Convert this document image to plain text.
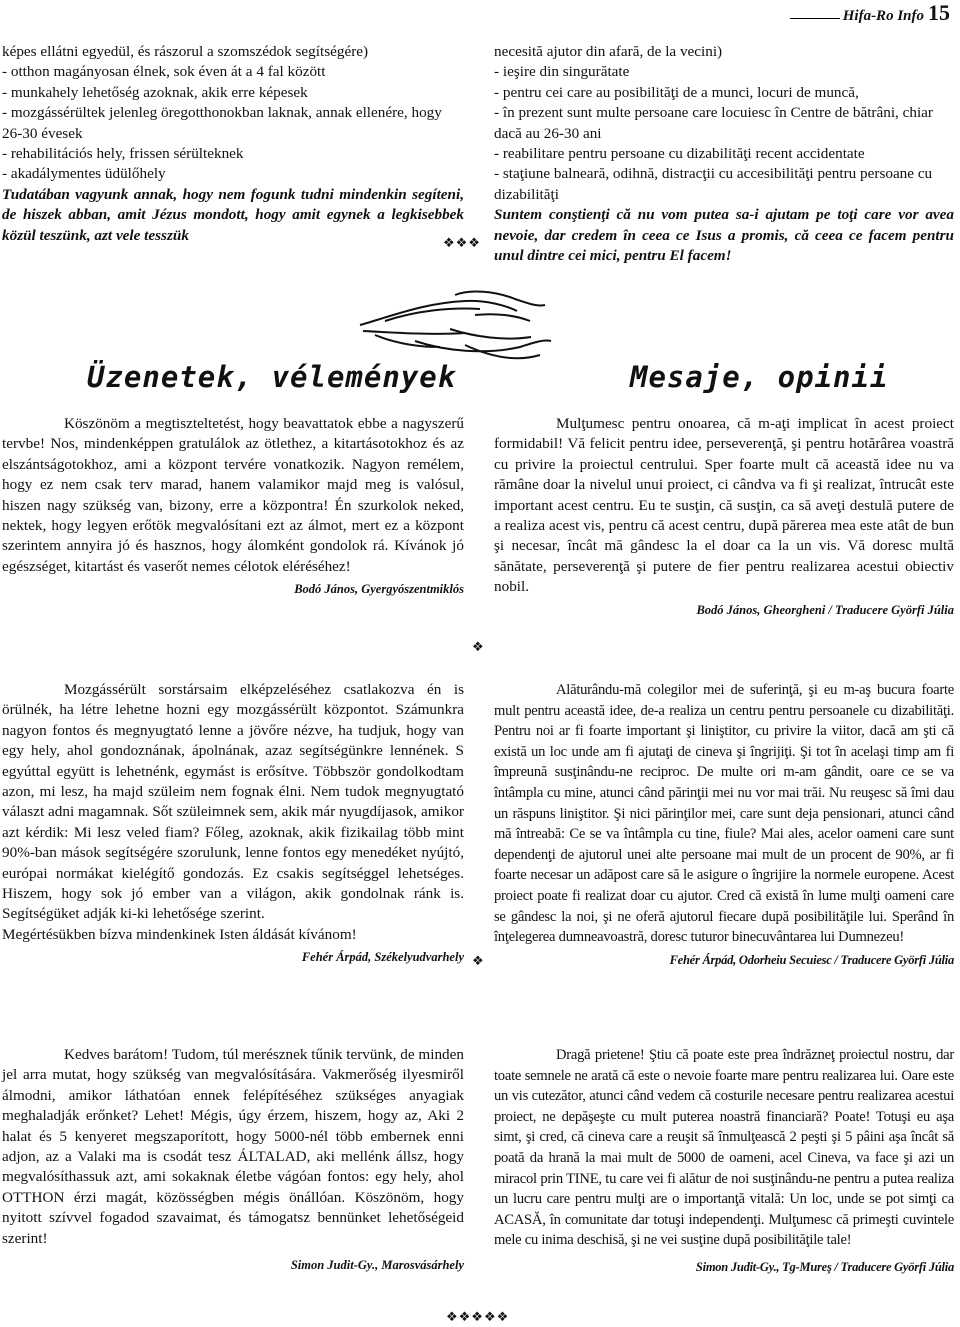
Hifa-Ro Info 15

képes ellátni egyedül, és rászorul a szomszédok segítségére)

- otthon magányosan élnek, sok éven át a 4 fal között

- munkahely lehetőség azoknak, akik erre képesek

- mozgássérültek jelenleg öregotthonokban laknak, annak ellenére, hogy 26-30 évesek

- rehabilitációs hely, frissen sérülteknek

- akadálymentes üdülőhely

Tudatában vagyunk annak, hogy nem fogunk tudni mindenkin segíteni, de hiszek abban, amit Jézus mondott, hogy amit egynek a legkisebbek közül teszünk, azt vele tesszük

necesită ajutor din afară, de la vecini)

- ieşire din singurătate

- pentru cei care au posibilităţi de a munci, locuri de muncă,

- în prezent sunt multe persoane care locuiesc în Centre de bătrâni, chiar dacă au 26-30 ani

- reabilitare pentru persoane cu dizabilităţi recent accidentate

- staţiune balneară, odihnă, distracţii cu accesibilităţi pentru persoane cu dizabilităţi

Suntem conştienţi că nu vom putea sa-i ajutam pe toţi care vor avea nevoie, dar credem în ceea ce Isus a promis, că ceea ce facem pentru unul dintre cei mici, pentru El facem!

❖❖❖
Üzenetek, vélemények	Mesaje, opinii

Köszönöm a megtiszteltetést, hogy beavattatok ebbe a nagyszerű tervbe! Nos, mindenképpen gratulálok az ötlethez, a kitartásotokhoz és az elszántságotokhoz, ami a központ tervére vonatkozik. Nagyon remélem, hogy ez nem csak terv marad, hanem valamikor majd meg is valósul, hiszen nagy szükség van, bizony, erre a központra! Én szurkolok neked, nektek, hogy legyen erőtök megvalósítani ezt az álmot, mert ez a központ szerintem annyira jó és hasznos, hogy álomként gondolok rá. Kívánok jó egészséget, kitartást és vaserőt nemes célotok eléréséhez!

Bodó János, Gyergyószentmiklós

Mulţumesc pentru onoarea, că m-aţi implicat în acest proiect formidabil! Vă felicit pentru idee, perseverenţă, şi pentru hotărârea voastră cu privire la proiectul centrului. Sper foarte mult că această idee nu va rămâne doar la nivelul unui proiect, ci cândva va fi şi realizat, întrucât este important acest centru. Eu te susţin, că susţin, ca să aveţi destulă putere de a realiza acest vis, pentru că acest centru, după părerea mea este atât de bun şi necesar, încât mă gândesc la el doar ca la un vis. Vă doresc multă sănătate, perseverenţă şi putere de fier pentru realizarea acestui obiectiv nobil.

Bodó János, Gheorgheni / Traducere Györfi Júlia

❖

Mozgássérült sorstársaim elképzeléséhez csatlakozva én is örülnék, ha létre lehetne hozni egy mozgássérült központot. Számunkra nagyon fontos és megnyugtató lenne a jövőre nézve, ha tudjuk, hogy van egy hely, ahol gondoznának, ápolnának, azaz segítségünkre lennének. S egyúttal együtt is lehetnénk, egymást is erősítve. Többször gondolkodtam azon, mi lesz, ha majd szüleim nem fognak élni. Nem tudok megnyugtató választ adni magamnak. Sőt szüleimnek sem, akik már nyugdíjasok, amikor azt kérdik: Mi lesz veled fiam? Főleg, azoknak, akik fizikailag több mint 90%-ban mások segítségére szorulunk, lenne fontos egy menedéket nyújtó, európai normákat kielégítő gondozás. Ez csakis segítséggel lehetséges. Hiszem, hogy sok jó ember van a világon, akik gondolnak ránk is. Segítségüket adják ki-ki lehetősége szerint.

Megértésükben bízva mindenkinek Isten áldását kívánom!

Fehér Árpád, Székelyudvarhely

Alăturându-mă colegilor mei de suferinţă, şi eu m-aş bucura foarte mult pentru această idee, de-a realiza un centru pentru persoanele cu dizabilităţi. Pentru noi ar fi foarte important şi liniştitor, cu privire la viitor, dacă am şti că există un loc unde am fi ajutaţi de cineva şi îngrijiţi. Şi tot în acelaşi timp am fi împreună susţinându-ne reciproc. De multe ori m-am gândit, oare ce se va întâmpla cu mine, atunci când părinţii mei nu vor mai trăi. Nu reuşesc să îmi dau un răspuns liniştitor. Şi nici părinţilor mei, care sunt deja pensionari, atunci când mă întreabă: Ce se va întâmpla cu tine, fiule? Mai ales, acelor oameni care sunt dependenţi de ajutorul unei alte persoane mai mult de un procent de 90%, ar fi foarte necesar un adăpost care să le asigure o îngrijire la normele europene. Acest proiect poate fi realizat doar cu ajutor. Cred că există în lume mulţi oameni care se gândesc la noi, şi ne oferă ajutorul fiecare după posibilităţile lui. Sperând în înţelegerea dumneavoastră, doresc tuturor binecuvântarea lui Dumnezeu!

Fehér Árpád, Odorheiu Secuiesc / Traducere Györfi Júlia

❖

Kedves barátom! Tudom, túl merésznek tűnik tervünk, de minden jel arra mutat, hogy szükség van megvalósítására. Vakmerőség ilyesmiről álmodni, amikor láthatóan ennek felépítéséhez szükséges anyagiak meghaladják erőnket? Lehet! Mégis, úgy érzem, hiszem, hogy az, Aki 2 halat és 5 kenyeret megszaporított, hogy 5000-nél több embernek enni adjon, az a Valaki ma is csodát tesz ÁLTALAD, aki mellénk állsz, hogy megvalósíthassuk azt, ami sokaknak életbe vágóan fontos: egy hely, ahol OTTHON érzi magát, közösségben mégis önállóan. Köszönöm, hogy nyitott szívvel fogadod szavaimat, és támogatsz bennünket lehetőségeid szerint!

Simon Judit-Gy., Marosvásárhely

Dragă prietene! Ştiu că poate este prea îndrăzneţ proiectul nostru, dar toate semnele ne arată că este o nevoie foarte mare pentru realizarea lui. Oare este un vis cutezător, atunci când vedem că costurile necesare pentru realizarea acestui proiect, ne depăşeşte cu mult puterea noastră financiară? Poate! Totuşi eu aşa simt, şi cred, că cineva care a reuşit să înmulţească 2 peşti şi 5 pâini aşa încât să poată da hrană la mai mult de 5000 de oameni, acel Cineva, va face şi azi un miracol prin TINE, tu care vei fi alătur de noi susţinându-ne pentru a putea realiza un lucru care pentru mulţi are o importanţă vitală: Un loc, unde se pot simţi ca ACASĂ, în comunitate dar totuşi independenţi. Mulţumesc că primeşti cuvintele mele cu inima deschisă, şi ne vei susţine după posibilităţile tale!

Simon Judit-Gy., Tg-Mureş / Traducere Györfi Júlia

❖❖❖❖❖
